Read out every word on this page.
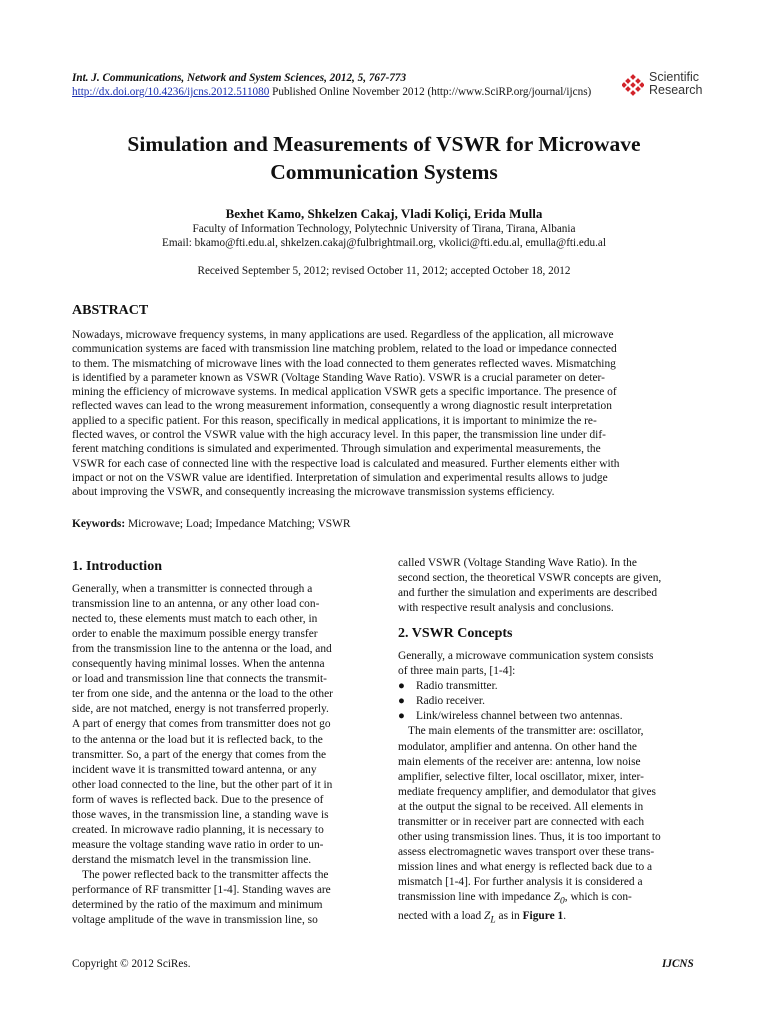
Int. J. Communications, Network and System Sciences, 2012, 5, 767-773
http://dx.doi.org/10.4236/ijcns.2012.511080 Published Online November 2012 (http://www.SciRP.org/journal/ijcns)
Scientific
Research
Simulation and Measurements of VSWR for Microwave
Communication Systems
Bexhet Kamo, Shkelzen Cakaj, Vladi Koliçi, Erida Mulla
Faculty of Information Technology, Polytechnic University of Tirana, Tirana, Albania
Email: bkamo@fti.edu.al, shkelzen.cakaj@fulbrightmail.org, vkolici@fti.edu.al, emulla@fti.edu.al
Received September 5, 2012; revised October 11, 2012; accepted October 18, 2012
ABSTRACT
Nowadays, microwave frequency systems, in many applications are used. Regardless of the application, all microwave
communication systems are faced with transmission line matching problem, related to the load or impedance connected
to them. The mismatching of microwave lines with the load connected to them generates reflected waves. Mismatching
is identified by a parameter known as VSWR (Voltage Standing Wave Ratio). VSWR is a crucial parameter on deter-
mining the efficiency of microwave systems. In medical application VSWR gets a specific importance. The presence of
reflected waves can lead to the wrong measurement information, consequently a wrong diagnostic result interpretation
applied to a specific patient. For this reason, specifically in medical applications, it is important to minimize the re-
flected waves, or control the VSWR value with the high accuracy level. In this paper, the transmission line under dif-
ferent matching conditions is simulated and experimented. Through simulation and experimental measurements, the
VSWR for each case of connected line with the respective load is calculated and measured. Further elements either with
impact or not on the VSWR value are identified. Interpretation of simulation and experimental results allows to judge
about improving the VSWR, and consequently increasing the microwave transmission systems efficiency.
Keywords: Microwave; Load; Impedance Matching; VSWR
1. Introduction

Generally, when a transmitter is connected through a
transmission line to an antenna, or any other load con-
nected to, these elements must match to each other, in
order to enable the maximum possible energy transfer
from the transmission line to the antenna or the load, and
consequently having minimal losses. When the antenna
or load and transmission line that connects the transmit-
ter from one side, and the antenna or the load to the other
side, are not matched, energy is not transferred properly.
A part of energy that comes from transmitter does not go
to the antenna or the load but it is reflected back, to the
transmitter. So, a part of the energy that comes from the
incident wave it is transmitted toward antenna, or any
other load connected to the line, but the other part of it in
form of waves is reflected back. Due to the presence of
those waves, in the transmission line, a standing wave is
created. In microwave radio planning, it is necessary to
measure the voltage standing wave ratio in order to un-
derstand the mismatch level in the transmission line.

The power reflected back to the transmitter affects the
performance of RF transmitter [1-4]. Standing waves are
determined by the ratio of the maximum and minimum
voltage amplitude of the wave in transmission line, so

called VSWR (Voltage Standing Wave Ratio). In the
second section, the theoretical VSWR concepts are given,
and further the simulation and experiments are described
with respective result analysis and conclusions.

2. VSWR Concepts

Generally, a microwave communication system consists
of three main parts, [1-4]:

● Radio transmitter.
● Radio receiver.
● Link/wireless channel between two antennas.

The main elements of the transmitter are: oscillator,
modulator, amplifier and antenna. On other hand the
main elements of the receiver are: antenna, low noise
amplifier, selective filter, local oscillator, mixer, inter-
mediate frequency amplifier, and demodulator that gives
at the output the signal to be received. All elements in
transmitter or in receiver part are connected with each
other using transmission lines. Thus, it is too important to
assess electromagnetic waves transport over these trans-
mission lines and what energy is reflected back due to a
mismatch [1-4]. For further analysis it is considered a
transmission line with impedance $Z_0$, which is con-
nected with a load $Z_L$ as in Figure 1.

Copyright © 2012 SciRes.	IJCNS
